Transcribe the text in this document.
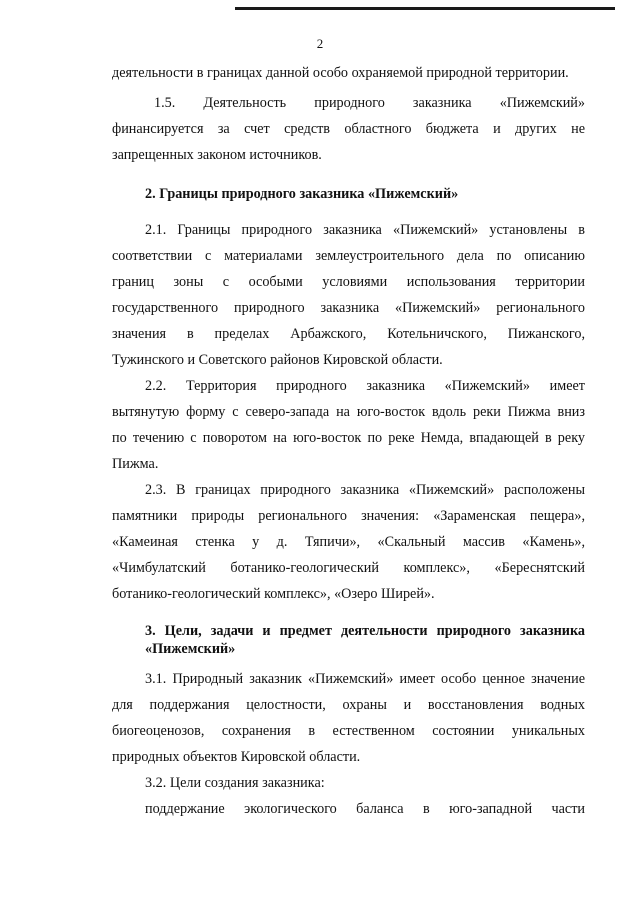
2
деятельности в границах данной особо охраняемой природной территории.
1.5. Деятельность природного заказника «Пижемский»
финансируется за счет средств областного бюджета и других не
запрещенных законом источников.
2.1. Границы природного заказника «Пижемский» установлены в
соответствии с материалами землеустроительного дела по описанию
границ зоны с особыми условиями использования территории
государственного природного заказника «Пижемский» регионального
значения в пределах Арбажского, Котельничского, Пижанского,
Тужинского и Советского районов Кировской области.
2.2. Территория природного заказника «Пижемский» имеет
вытянутую форму с северо-запада на юго-восток вдоль реки Пижма вниз
по течению с поворотом на юго-восток по реке Немда, впадающей в реку
Пижма.
2.3. В границах природного заказника «Пижемский» расположены
памятники природы регионального значения: «Зараменская пещера»,
«Камеиная стенка у д. Тяпичи», «Скальный массив «Камень»,
«Чимбулатский ботанико-геологический комплекс», «Береснятский
ботанико-геологический комплекс», «Озеро Ширей».
3.1. Природный заказник «Пижемский» имеет особо ценное значение
для поддержания целостности, охраны и восстановления водных
биогеоценозов, сохранения в естественном состоянии уникальных
природных объектов Кировской области.
3.2. Цели создания заказника:
поддержание экологического баланса в юго-западной части
2. Границы природного заказника «Пижемский»
3. Цели, задачи и предмет деятельности природного заказника
«Пижемский»
